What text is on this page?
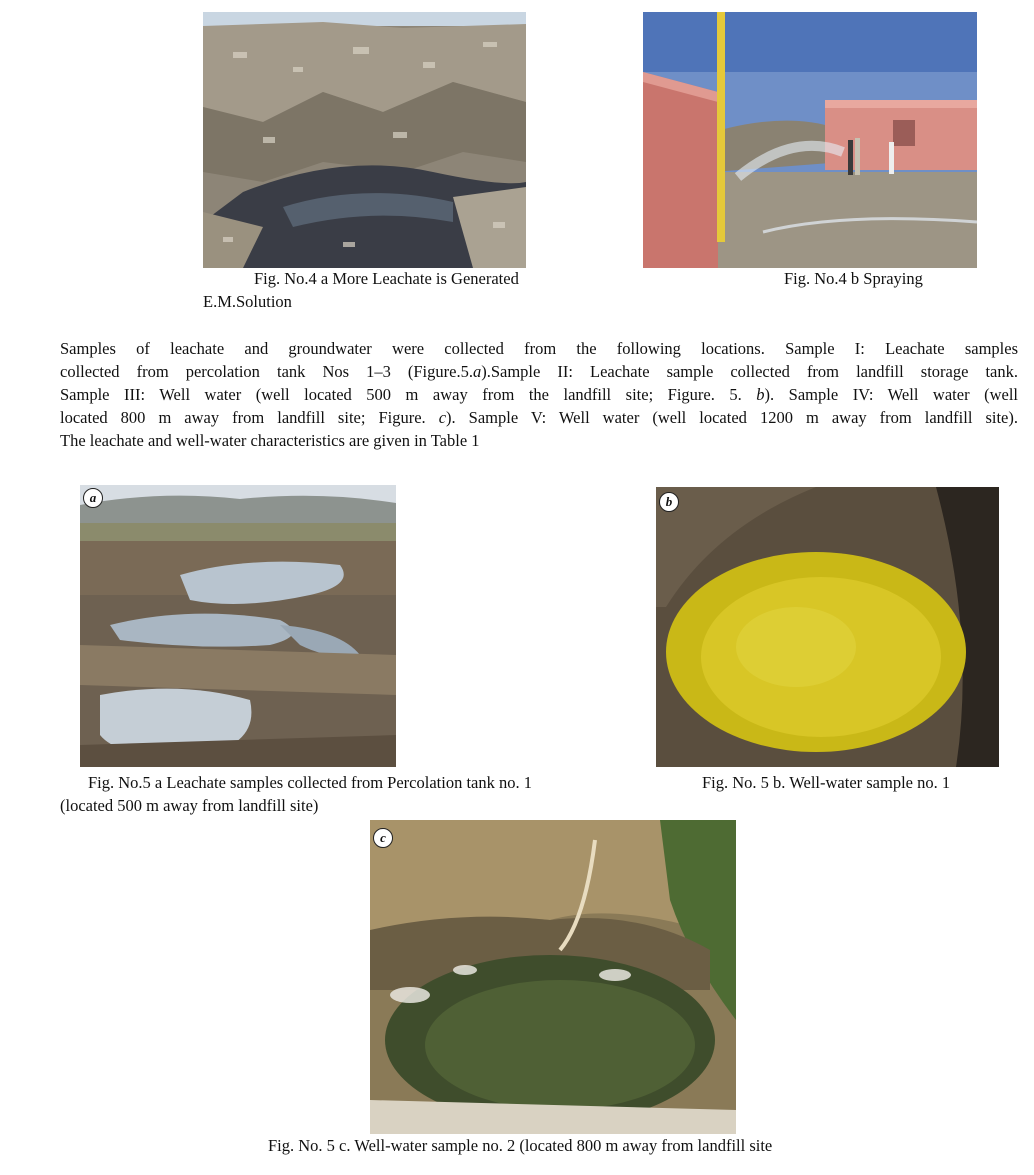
Fig. No.4 a More Leachate is Generated
E.M.Solution
Fig. No.4 b Spraying
Samples of leachate and groundwater were collected from the following locations. Sample I: Leachate samples
collected from percolation tank Nos 1–3 (Figure.5.a).Sample II: Leachate sample collected from landfill storage tank.
Sample III: Well water (well located 500 m away from the landfill site; Figure. 5. b). Sample IV: Well water (well
located 800 m away from landfill site; Figure. c). Sample V: Well water (well located 1200 m away from landfill site).
The leachate and well-water characteristics are given in Table 1
a	b
Fig. No.5 a Leachate samples collected from Percolation tank no. 1
(located 500 m away from landfill site)
Fig. No. 5 b. Well-water sample no. 1
c
Fig. No. 5 c. Well-water sample no. 2 (located 800 m away from landfill site
